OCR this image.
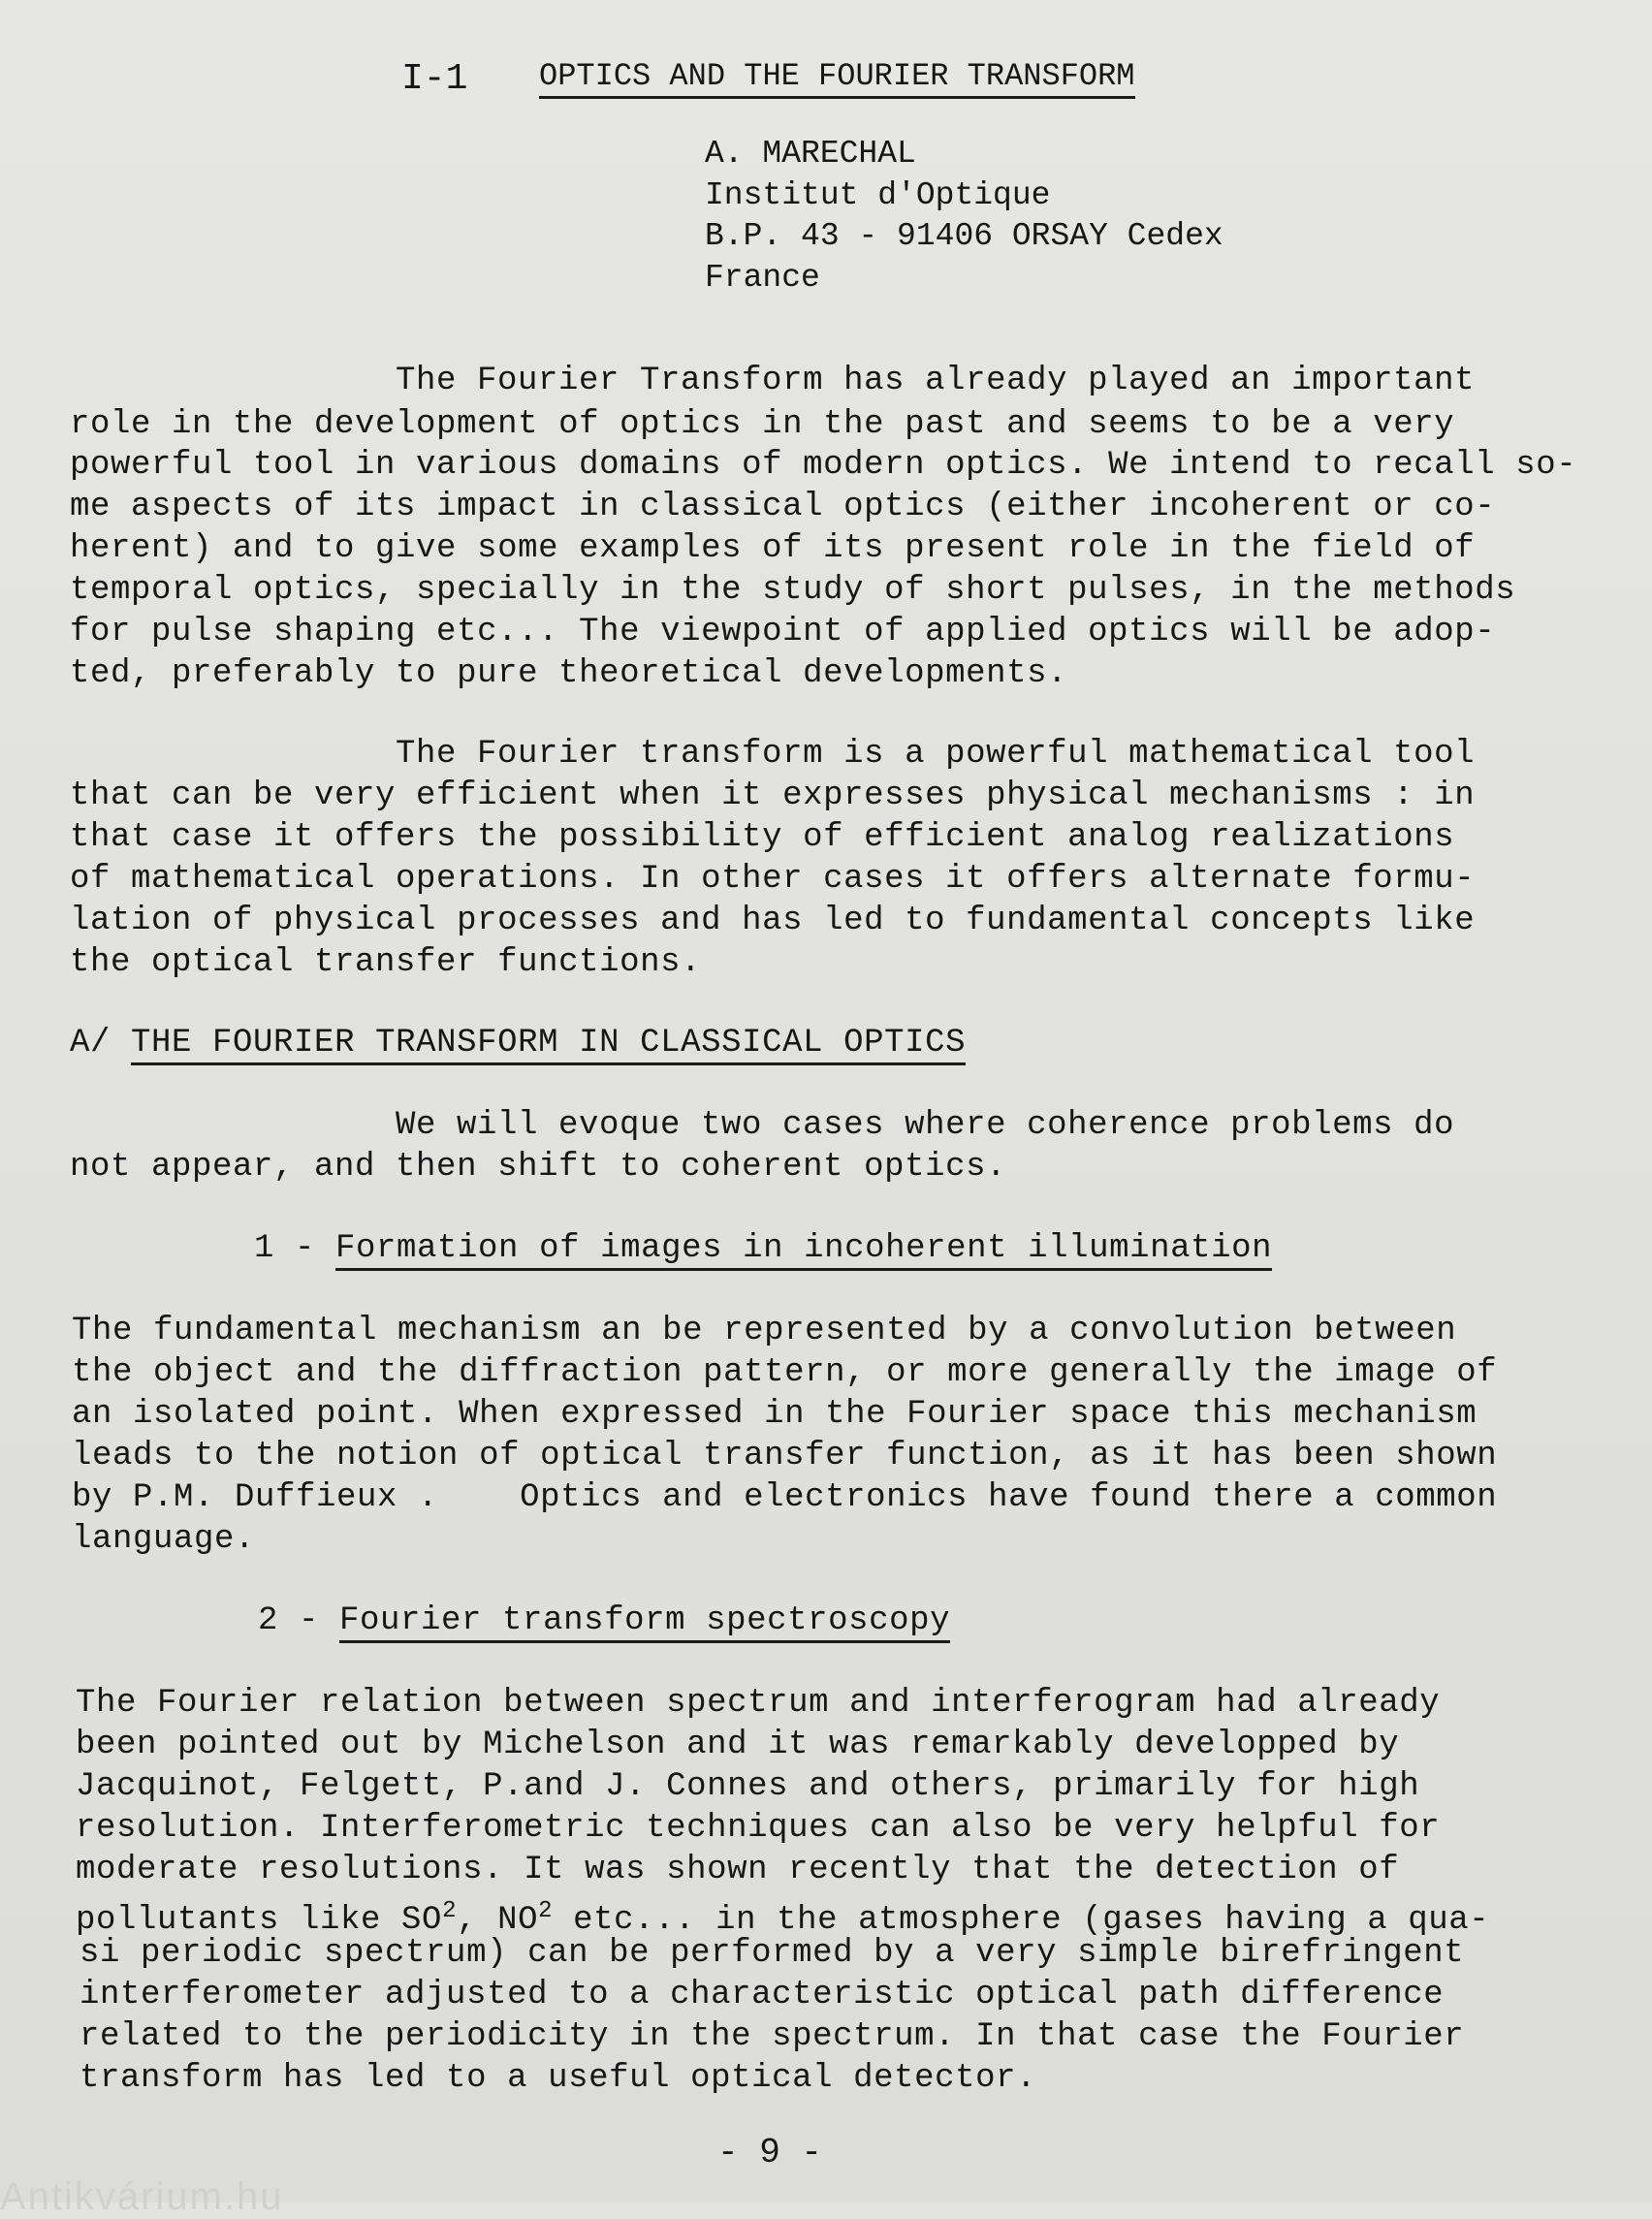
I-1 OPTICS AND THE FOURIER TRANSFORM
A. MARECHAL
Institut d'Optique
B.P. 43 - 91406 ORSAY Cedex
France
The Fourier Transform has already played an important
role in the development of optics in the past and seems to be a very
powerful tool in various domains of modern optics. We intend to recall so-
me aspects of its impact in classical optics (either incoherent or co-
herent) and to give some examples of its present role in the field of
temporal optics, specially in the study of short pulses, in the methods
for pulse shaping etc... The viewpoint of applied optics will be adop-
ted, preferably to pure theoretical developments.
The Fourier transform is a powerful mathematical tool
that can be very efficient when it expresses physical mechanisms : in
that case it offers the possibility of efficient analog realizations
of mathematical operations. In other cases it offers alternate formu-
lation of physical processes and has led to fundamental concepts like
the optical transfer functions.
A/ THE FOURIER TRANSFORM IN CLASSICAL OPTICS
We will evoque two cases where coherence problems do
not appear, and then shift to coherent optics.
1 - Formation of images in incoherent illumination
The fundamental mechanism an be represented by a convolution between
the object and the diffraction pattern, or more generally the image of
an isolated point. When expressed in the Fourier space this mechanism
leads to the notion of optical transfer function, as it has been shown
by P.M. Duffieux .    Optics and electronics have found there a common
language.
2 - Fourier transform spectroscopy
The Fourier relation between spectrum and interferogram had already
been pointed out by Michelson and it was remarkably developped by
Jacquinot, Felgett, P.and J. Connes and others, primarily for high
resolution. Interferometric techniques can also be very helpful for
moderate resolutions. It was shown recently that the detection of
pollutants like $SO^2$, $NO^2$ etc... in the atmosphere (gases having a qua-
si periodic spectrum) can be performed by a very simple birefringent
interferometer adjusted to a characteristic optical path difference
related to the periodicity in the spectrum. In that case the Fourier
transform has led to a useful optical detector.
- 9 -
Antikvárium.hu
